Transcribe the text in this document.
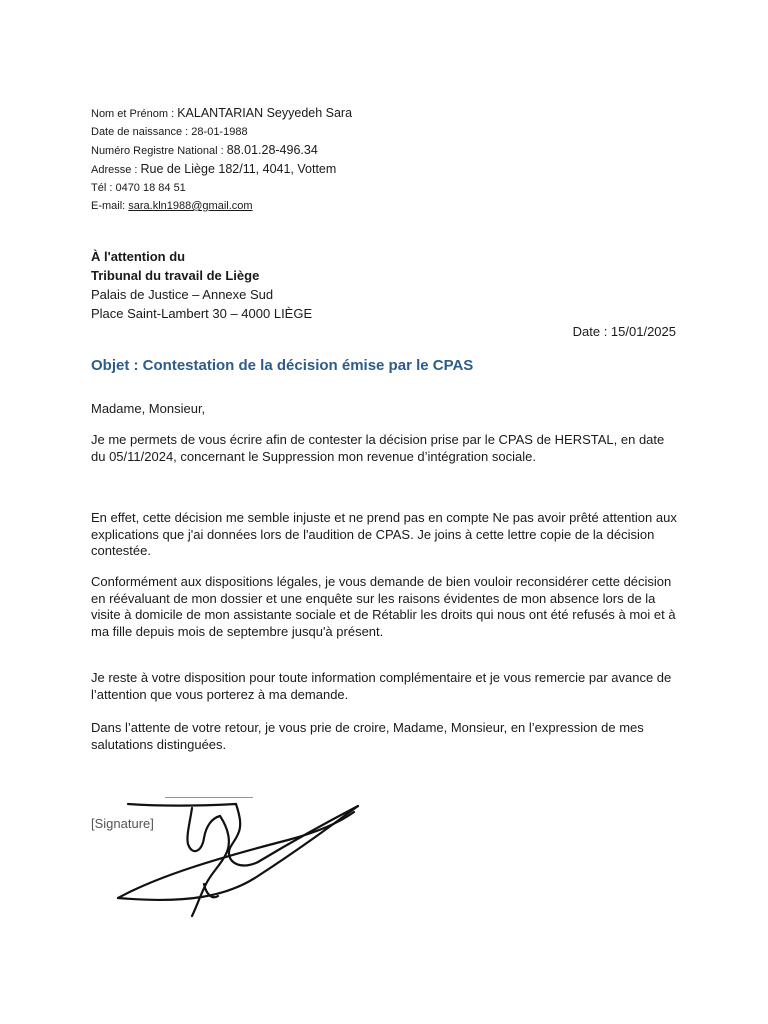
Nom et Prénom : KALANTARIAN Seyyedeh Sara
Date de naissance : 28-01-1988
Numéro Registre National : 88.01.28-496.34
Adresse : Rue de Liège 182/11, 4041, Vottem
Tél : 0470 18 84 51
E-mail: sara.kln1988@gmail.com
À l'attention du
Tribunal du travail de Liège
Palais de Justice – Annexe Sud
Place Saint-Lambert 30 – 4000 LIÈGE
Date : 15/01/2025
Objet : Contestation de la décision émise par le CPAS
Madame, Monsieur,
Je me permets de vous écrire afin de contester la décision prise par le CPAS de HERSTAL, en date du 05/11/2024, concernant le Suppression mon revenue d’intégration sociale.
En effet, cette décision me semble injuste et ne prend pas en compte Ne pas avoir prêté attention aux explications que j'ai données lors de l'audition de CPAS. Je joins à cette lettre copie de la décision contestée.
Conformément aux dispositions légales, je vous demande de bien vouloir reconsidérer cette décision en réévaluant de mon dossier et une enquête sur les raisons évidentes de mon absence lors de la visite à domicile de mon assistante sociale et de Rétablir les droits qui nous ont été refusés à moi et à ma fille depuis mois de septembre jusqu'à présent.
Je reste à votre disposition pour toute information complémentaire et je vous remercie par avance de l’attention que vous porterez à ma demande.
Dans l’attente de votre retour, je vous prie de croire, Madame, Monsieur, en l’expression de mes salutations distinguées.
[Signature]
